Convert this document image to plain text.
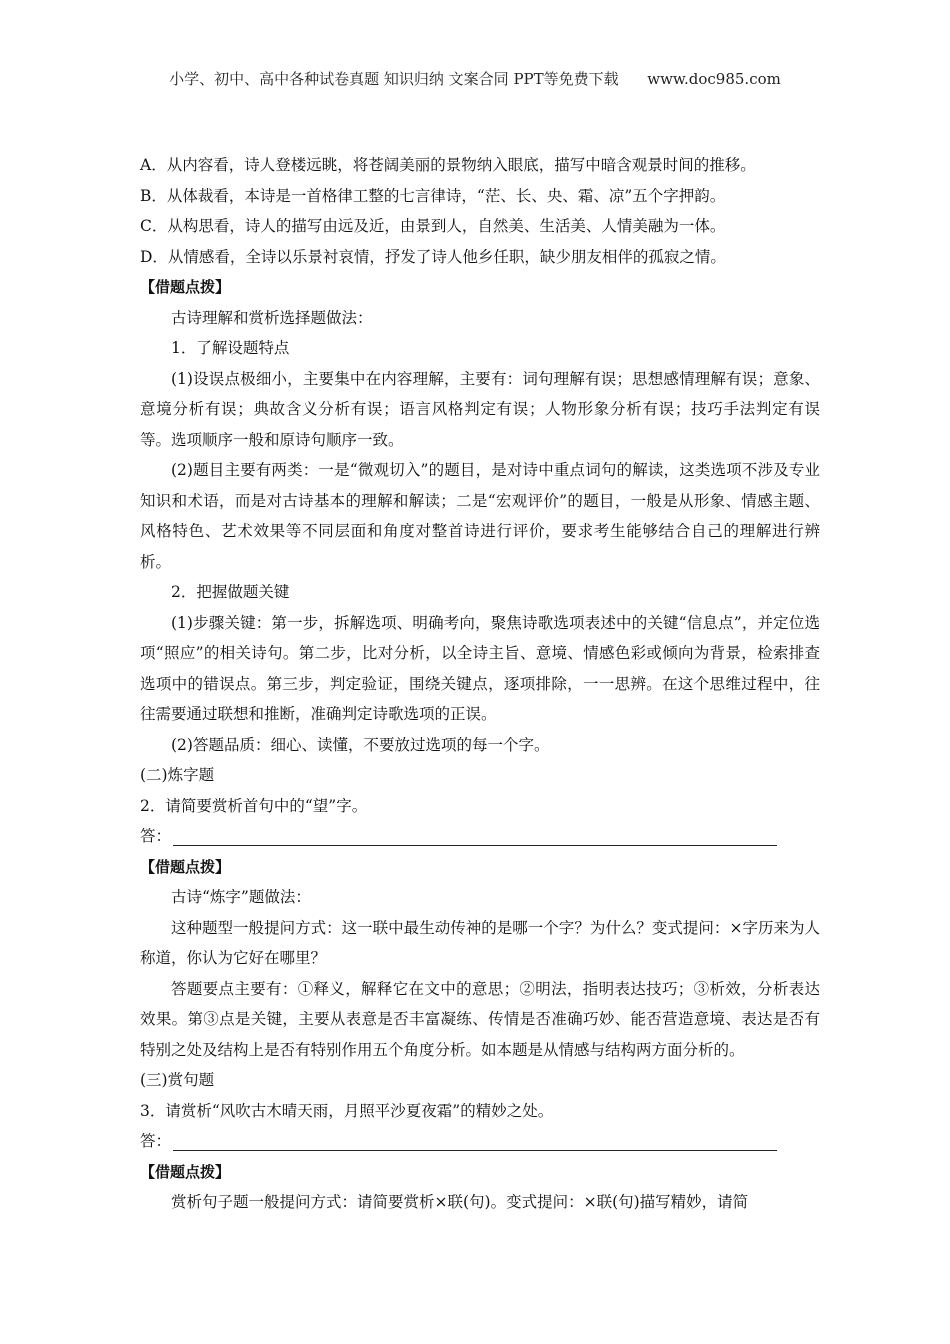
小学、初中、高中各种试卷真题 知识归纳 文案合同 PPT等免费下载 www.doc985.com

A．从内容看，诗人登楼远眺，将苍阔美丽的景物纳入眼底，描写中暗含观景时间的推移。

B．从体裁看，本诗是一首格律工整的七言律诗，“茫、长、央、霜、凉”五个字押韵。

C．从构思看，诗人的描写由远及近，由景到人，自然美、生活美、人情美融为一体。

D．从情感看，全诗以乐景衬哀情，抒发了诗人他乡任职，缺少朋友相伴的孤寂之情。

【借题点拨】

古诗理解和赏析选择题做法：

1．了解设题特点

(1)设误点极细小，主要集中在内容理解，主要有：词句理解有误；思想感情理解有误；意象、意境分析有误；典故含义分析有误；语言风格判定有误；人物形象分析有误；技巧手法判定有误等。选项顺序一般和原诗句顺序一致。

(2)题目主要有两类：一是“微观切入”的题目，是对诗中重点词句的解读，这类选项不涉及专业知识和术语，而是对古诗基本的理解和解读；二是“宏观评价”的题目，一般是从形象、情感主题、风格特色、艺术效果等不同层面和角度对整首诗进行评价，要求考生能够结合自己的理解进行辨析。

2．把握做题关键

(1)步骤关键：第一步，拆解选项、明确考向，聚焦诗歌选项表述中的关键“信息点”，并定位选项“照应”的相关诗句。第二步，比对分析，以全诗主旨、意境、情感色彩或倾向为背景，检索排查选项中的错误点。第三步，判定验证，围绕关键点，逐项排除，一一思辨。在这个思维过程中，往往需要通过联想和推断，准确判定诗歌选项的正误。

(2)答题品质：细心、读懂，不要放过选项的每一个字。

(二)炼字题

2．请简要赏析首句中的“望”字。

答：

【借题点拨】

古诗“炼字”题做法：

这种题型一般提问方式：这一联中最生动传神的是哪一个字？为什么？变式提问：×字历来为人称道，你认为它好在哪里？

答题要点主要有：①释义，解释它在文中的意思；②明法，指明表达技巧；③析效，分析表达效果。第③点是关键，主要从表意是否丰富凝练、传情是否准确巧妙、能否营造意境、表达是否有特别之处及结构上是否有特别作用五个角度分析。如本题是从情感与结构两方面分析的。

(三)赏句题

3．请赏析“风吹古木晴天雨，月照平沙夏夜霜”的精妙之处。

答：

【借题点拨】

赏析句子题一般提问方式：请简要赏析×联(句)。变式提问：×联(句)描写精妙，请简
